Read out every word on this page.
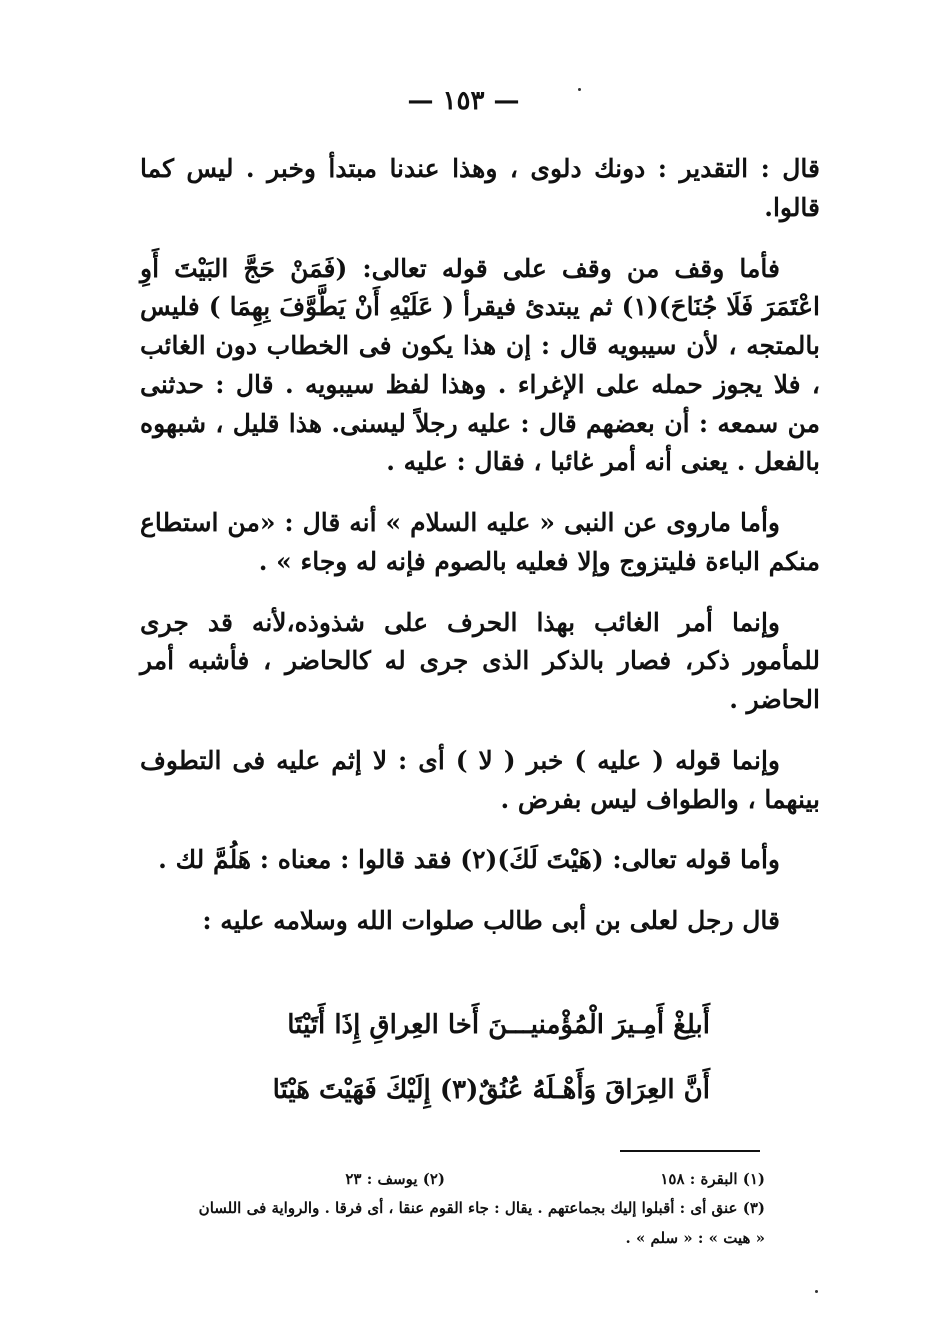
— ١٥٣ —

قال : التقدير : دونك دلوى ، وهذا عندنا مبتدأ وخبر . ليس كما قالوا.

فأما وقف من وقف على قوله تعالى: (فَمَنْ حَجَّ البَيْتَ أَوِ اعْتَمَرَ فَلَا جُنَاحَ)(١) ثم يبتدئ فيقرأ ( عَلَيْهِ أَنْ يَطَّوَّفَ بِهِمَا ) فليس بالمتجه ، لأن سيبويه قال : إن هذا يكون فى الخطاب دون الغائب ، فلا يجوز حمله على الإغراء . وهذا لفظ سيبويه . قال : حدثنى من سمعه : أن بعضهم قال : عليه رجلاً ليسنى. هذا قليل ، شبهوه بالفعل . يعنى أنه أمر غائبا ، فقال : عليه .

وأما ماروى عن النبى « عليه السلام » أنه قال : «من استطاع منكم الباءة فليتزوج وإلا فعليه بالصوم فإنه له وجاء » .

وإنما أمر الغائب بهذا الحرف على شذوذه،لأنه قد جرى للمأمور ذكر، فصار بالذكر الذى جرى له كالحاضر ، فأشبه أمر الحاضر .

وإنما قوله ( عليه ) خبر ( لا ) أى : لا إثم عليه فى التطوف بينهما ، والطواف ليس بفرض .

وأما قوله تعالى: (هَيْتَ لَكَ)(٢) فقد قالوا : معناه : هَلُمَّ لك .

قال رجل لعلى بن أبى طالب صلوات الله وسلامه عليه :

أَبلِغْ أَمِـيرَ الْمُؤْمنيـــنَ أَخا العِراقِ إِذَا أَتَيْتَا
أَنَّ العِرَاقَ وَأَهْـلَهُ عُنُقٌ(٣) إِلَيْكَ فَهَيْتَ هَيْتَا
(١) البقرة : ١٥٨
(٢) يوسف : ٢٣
(٣) عنق أى : أقبلوا إليك بجماعتهم . يقال : جاء القوم عنقا ، أى فرقا . والرواية فى اللسان
« هيت » : « سلم » .
